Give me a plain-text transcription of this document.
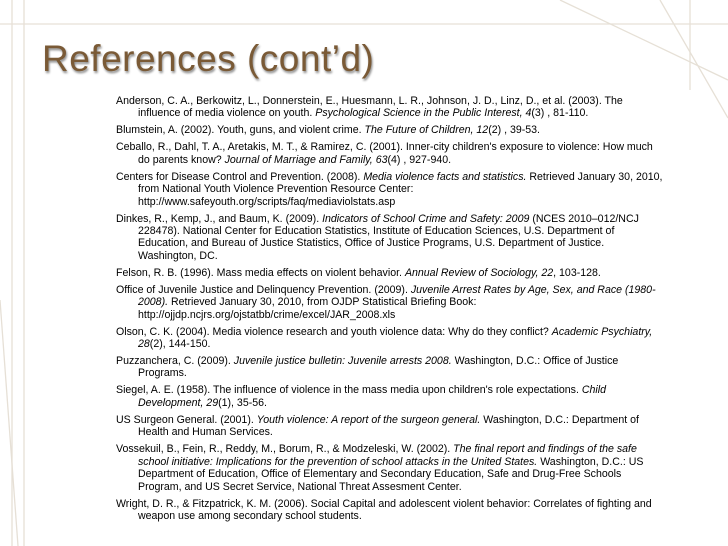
References (cont’d)
Anderson, C. A., Berkowitz, L., Donnerstein, E., Huesmann, L. R., Johnson, J. D., Linz, D., et al. (2003). The influence of media violence on youth. Psychological Science in the Public Interest, 4(3) , 81-110.
Blumstein, A. (2002). Youth, guns, and violent crime. The Future of Children, 12(2) , 39-53.
Ceballo, R., Dahl, T. A., Aretakis, M. T., & Ramirez, C. (2001). Inner-city children's exposure to violence: How much do parents know? Journal of Marriage and Family, 63(4) , 927-940.
Centers for Disease Control and Prevention. (2008). Media violence facts and statistics. Retrieved January 30, 2010, from National Youth Violence Prevention Resource Center: http://www.safeyouth.org/scripts/faq/mediaviolstats.asp
Dinkes, R., Kemp, J., and Baum, K. (2009). Indicators of School Crime and Safety: 2009 (NCES 2010–012/NCJ 228478). National Center for Education Statistics, Institute of Education Sciences, U.S. Department of Education, and Bureau of Justice Statistics, Office of Justice Programs, U.S. Department of Justice. Washington, DC.
Felson, R. B. (1996). Mass media effects on violent behavior. Annual Review of Sociology, 22, 103-128.
Office of Juvenile Justice and Delinquency Prevention. (2009). Juvenile Arrest Rates by Age, Sex, and Race (1980-2008). Retrieved January 30, 2010, from OJDP Statistical Briefing Book: http://ojjdp.ncjrs.org/ojstatbb/crime/excel/JAR_2008.xls
Olson, C. K. (2004). Media violence research and youth violence data: Why do they conflict? Academic Psychiatry, 28(2), 144-150.
Puzzanchera, C. (2009). Juvenile justice bulletin: Juvenile arrests 2008. Washington, D.C.: Office of Justice Programs.
Siegel, A. E. (1958). The influence of violence in the mass media upon children's role expectations. Child Development, 29(1), 35-56.
US Surgeon General. (2001). Youth violence: A report of the surgeon general. Washington, D.C.: Department of Health and Human Services.
Vossekuil, B., Fein, R., Reddy, M., Borum, R., & Modzeleski, W. (2002). The final report and findings of the safe school initiative: Implications for the prevention of school attacks in the United States. Washington, D.C.: US Department of Education, Office of Elementary and Secondary Education, Safe and Drug-Free Schools Program, and US Secret Service, National Threat Assesment Center.
Wright, D. R., & Fitzpatrick, K. M. (2006). Social Capital and adolescent violent behavior: Correlates of fighting and weapon use among secondary school students.
